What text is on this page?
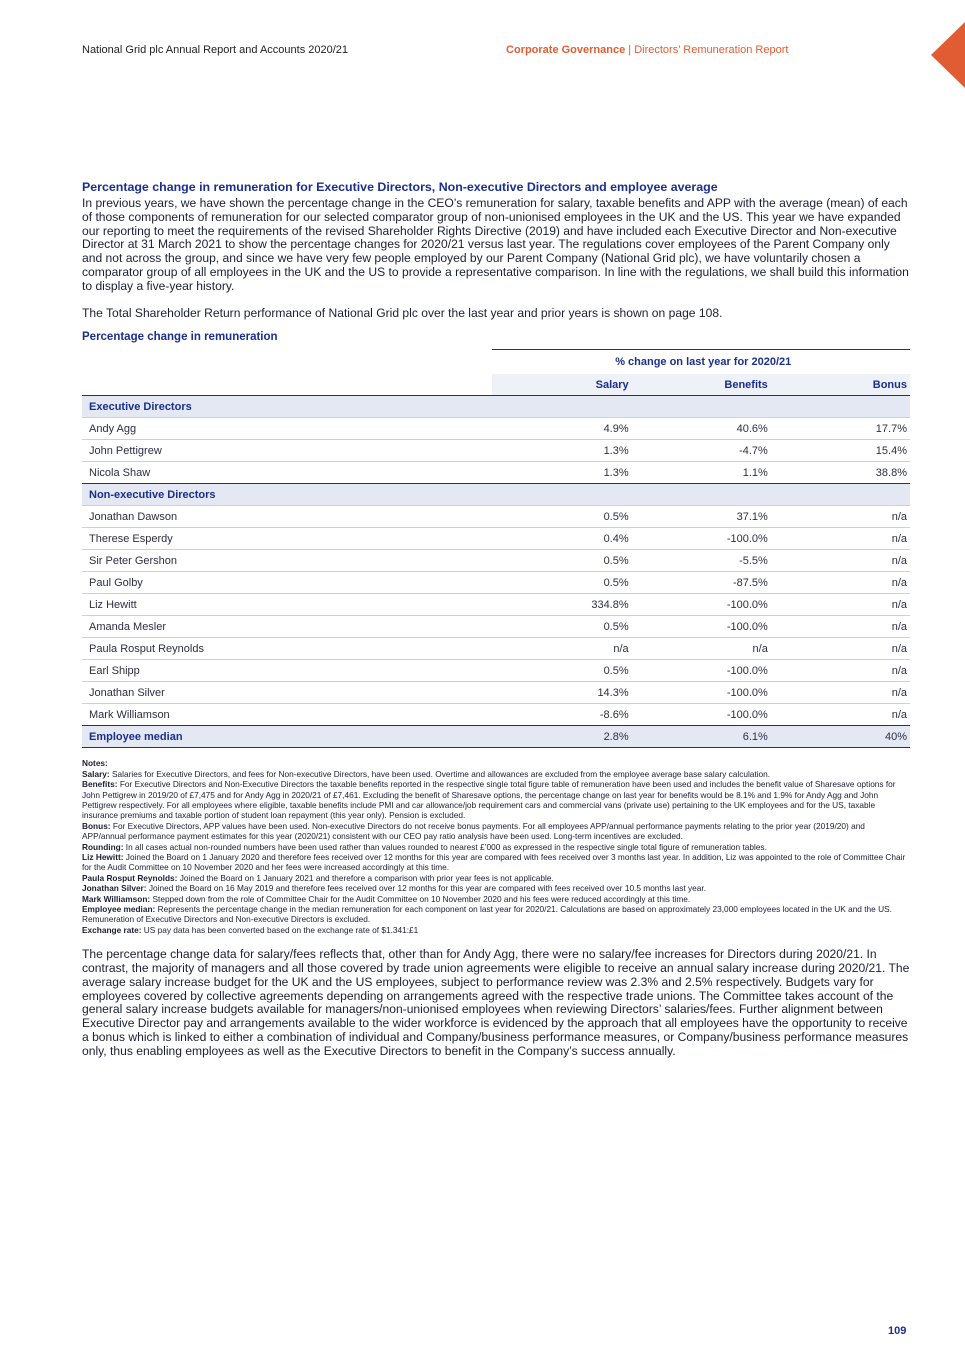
National Grid plc Annual Report and Accounts 2020/21	Corporate Governance | Directors’ Remuneration Report
Percentage change in remuneration for Executive Directors, Non-executive Directors and employee average

In previous years, we have shown the percentage change in the CEO’s remuneration for salary, taxable benefits and APP with the average (mean) of each of those components of remuneration for our selected comparator group of non-unionised employees in the UK and the US. This year we have expanded our reporting to meet the requirements of the revised Shareholder Rights Directive (2019) and have included each Executive Director and Non-executive Director at 31 March 2021 to show the percentage changes for 2020/21 versus last year. The regulations cover employees of the Parent Company only and not across the group, and since we have very few people employed by our Parent Company (National Grid plc), we have voluntarily chosen a comparator group of all employees in the UK and the US to provide a representative comparison. In line with the regulations, we shall build this information to display a five-year history.

The Total Shareholder Return performance of National Grid plc over the last year and prior years is shown on page 108.

Percentage change in remuneration
	% change on last year for 2020/21		
	Salary	Benefits	Bonus
Executive Directors			
Andy Agg	4.9%	40.6%	17.7%
John Pettigrew	1.3%	-4.7%	15.4%
Nicola Shaw	1.3%	1.1%	38.8%
Non-executive Directors			
Jonathan Dawson	0.5%	37.1%	n/a
Therese Esperdy	0.4%	-100.0%	n/a
Sir Peter Gershon	0.5%	-5.5%	n/a
Paul Golby	0.5%	-87.5%	n/a
Liz Hewitt	334.8%	-100.0%	n/a
Amanda Mesler	0.5%	-100.0%	n/a
Paula Rosput Reynolds	n/a	n/a	n/a
Earl Shipp	0.5%	-100.0%	n/a
Jonathan Silver	14.3%	-100.0%	n/a
Mark Williamson	-8.6%	-100.0%	n/a
Employee median	2.8%	6.1%	40%
Notes:

Salary: Salaries for Executive Directors, and fees for Non-executive Directors, have been used. Overtime and allowances are excluded from the employee average base salary calculation.

Benefits: For Executive Directors and Non-Executive Directors the taxable benefits reported in the respective single total figure table of remuneration have been used and includes the benefit value of Sharesave options for John Pettigrew in 2019/20 of £7,475 and for Andy Agg in 2020/21 of £7,461. Excluding the benefit of Sharesave options, the percentage change on last year for benefits would be 8.1% and 1.9% for Andy Agg and John Pettigrew respectively. For all employees where eligible, taxable benefits include PMI and car allowance/job requirement cars and commercial vans (private use) pertaining to the UK employees and for the US, taxable insurance premiums and taxable portion of student loan repayment (this year only). Pension is excluded.

Bonus: For Executive Directors, APP values have been used. Non-executive Directors do not receive bonus payments. For all employees APP/annual performance payments relating to the prior year (2019/20) and APP/annual performance payment estimates for this year (2020/21) consistent with our CEO pay ratio analysis have been used. Long-term incentives are excluded.

Rounding: In all cases actual non-rounded numbers have been used rather than values rounded to nearest £’000 as expressed in the respective single total figure of remuneration tables.

Liz Hewitt: Joined the Board on 1 January 2020 and therefore fees received over 12 months for this year are compared with fees received over 3 months last year. In addition, Liz was appointed to the role of Committee Chair for the Audit Committee on 10 November 2020 and her fees were increased accordingly at this time.

Paula Rosput Reynolds: Joined the Board on 1 January 2021 and therefore a comparison with prior year fees is not applicable.

Jonathan Silver: Joined the Board on 16 May 2019 and therefore fees received over 12 months for this year are compared with fees received over 10.5 months last year.

Mark Williamson: Stepped down from the role of Committee Chair for the Audit Committee on 10 November 2020 and his fees were reduced accordingly at this time.

Employee median: Represents the percentage change in the median remuneration for each component on last year for 2020/21. Calculations are based on approximately 23,000 employees located in the UK and the US. Remuneration of Executive Directors and Non-executive Directors is excluded.

Exchange rate: US pay data has been converted based on the exchange rate of $1.341:£1

The percentage change data for salary/fees reflects that, other than for Andy Agg, there were no salary/fee increases for Directors during 2020/21. In contrast, the majority of managers and all those covered by trade union agreements were eligible to receive an annual salary increase during 2020/21. The average salary increase budget for the UK and the US employees, subject to performance review was 2.3% and 2.5% respectively. Budgets vary for employees covered by collective agreements depending on arrangements agreed with the respective trade unions. The Committee takes account of the general salary increase budgets available for managers/non-unionised employees when reviewing Directors’ salaries/fees. Further alignment between Executive Director pay and arrangements available to the wider workforce is evidenced by the approach that all employees have the opportunity to receive a bonus which is linked to either a combination of individual and Company/business performance measures, or Company/business performance measures only, thus enabling employees as well as the Executive Directors to benefit in the Company’s success annually.

109
